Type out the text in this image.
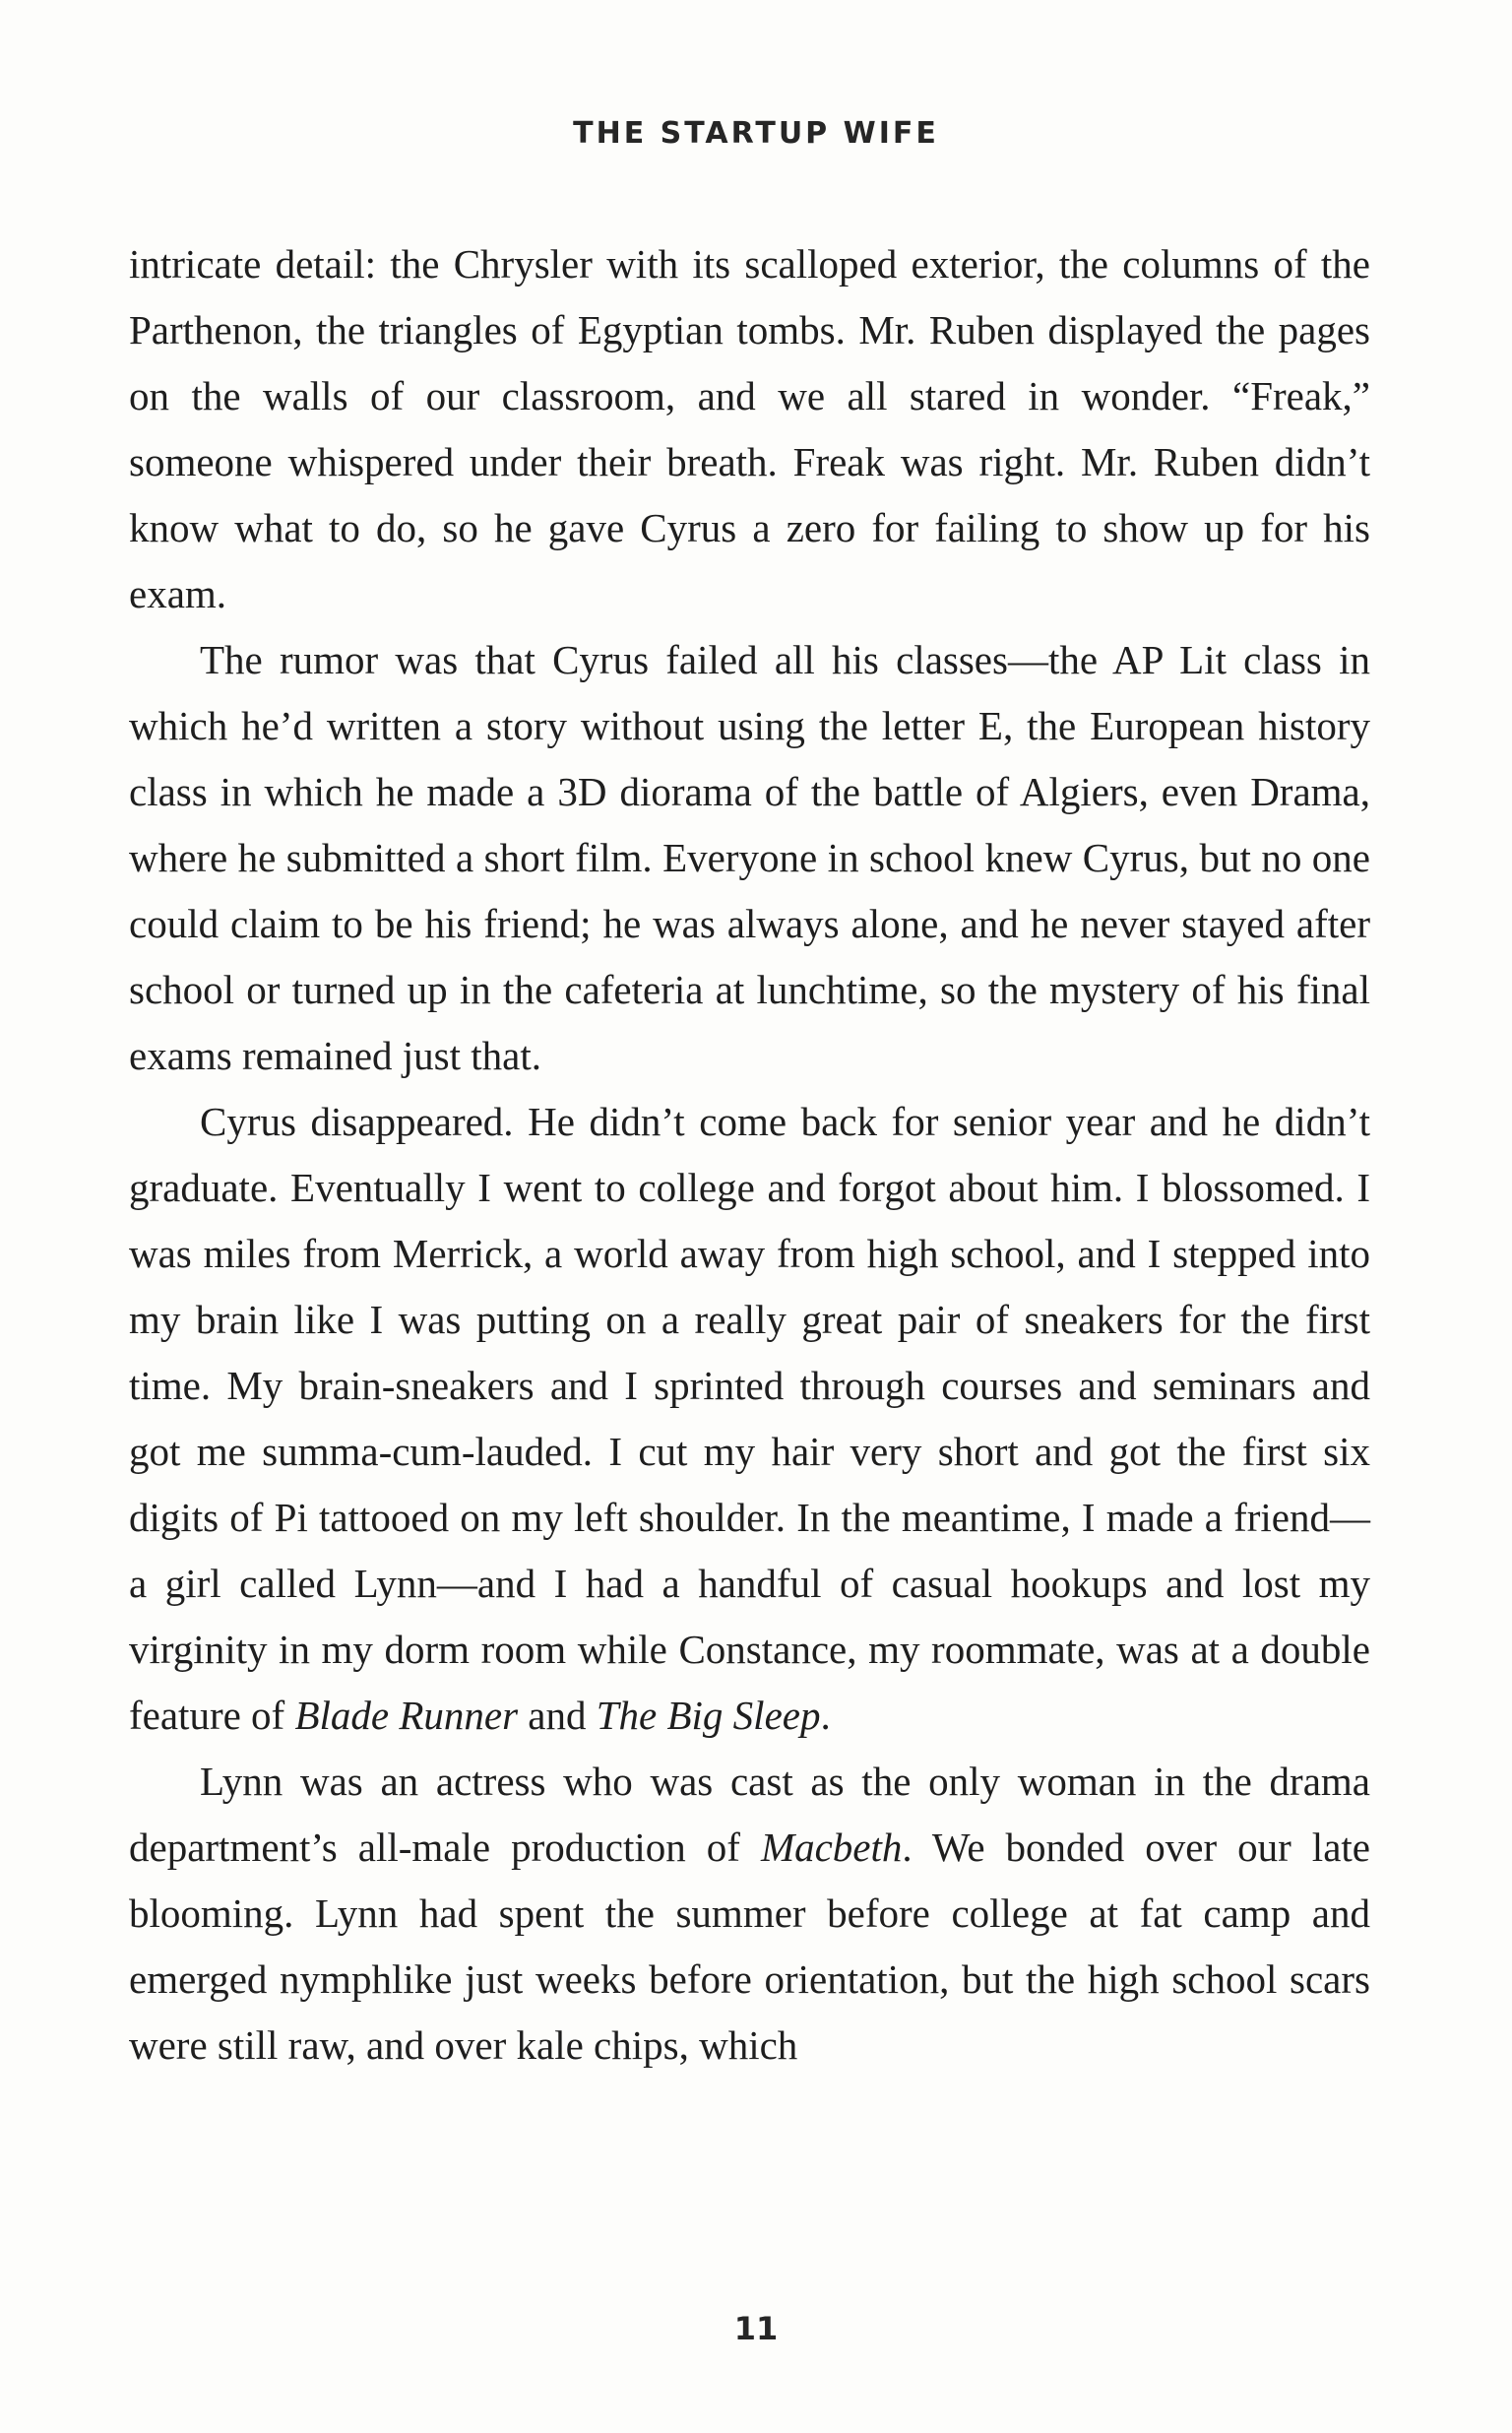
THE STARTUP WIFE

intricate detail: the Chrysler with its scalloped exterior, the columns of the Parthenon, the triangles of Egyptian tombs. Mr. Ruben displayed the pages on the walls of our classroom, and we all stared in wonder. “Freak,” someone whispered under their breath. Freak was right. Mr. Ruben didn’t know what to do, so he gave Cyrus a zero for failing to show up for his exam.

The rumor was that Cyrus failed all his classes—the AP Lit class in which he’d written a story without using the letter E, the European history class in which he made a 3D diorama of the battle of Algiers, even Drama, where he submitted a short film. Everyone in school knew Cyrus, but no one could claim to be his friend; he was always alone, and he never stayed after school or turned up in the cafeteria at lunchtime, so the mystery of his final exams remained just that.

Cyrus disappeared. He didn’t come back for senior year and he didn’t graduate. Eventually I went to college and forgot about him. I blossomed. I was miles from Merrick, a world away from high school, and I stepped into my brain like I was putting on a really great pair of sneakers for the first time. My brain-sneakers and I sprinted through courses and seminars and got me summa-cum-lauded. I cut my hair very short and got the first six digits of Pi tattooed on my left shoulder. In the meantime, I made a friend—a girl called Lynn—and I had a handful of casual hookups and lost my virginity in my dorm room while Constance, my roommate, was at a double feature of Blade Runner and The Big Sleep.

Lynn was an actress who was cast as the only woman in the drama department’s all-male production of Macbeth. We bonded over our late blooming. Lynn had spent the summer before college at fat camp and emerged nymphlike just weeks before orientation, but the high school scars were still raw, and over kale chips, which

11
